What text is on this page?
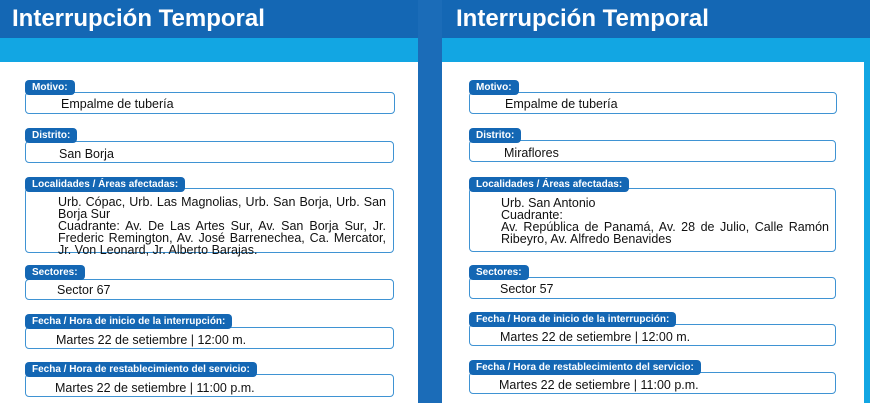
Interrupción Temporal
Motivo:
Empalme de tubería
Distrito:
San Borja
Localidades / Áreas afectadas:
Urb. Cópac, Urb. Las Magnolias, Urb. San Borja, Urb. San
Borja Sur
Cuadrante: Av. De Las Artes Sur, Av. San Borja Sur, Jr.
Frederic Remington, Av. José Barrenechea, Ca. Mercator,
Jr. Von Leonard, Jr. Alberto Barajas.
Sectores:
Sector 67
Fecha / Hora de inicio de la interrupción:
Martes 22 de setiembre | 12:00 m.
Fecha / Hora de restablecimiento del servicio:
Martes 22 de setiembre | 11:00 p.m.
Interrupción Temporal
Motivo:
Empalme de tubería
Distrito:
Miraflores
Localidades / Áreas afectadas:
Urb. San Antonio
Cuadrante:
Av. República de Panamá, Av. 28 de Julio, Calle Ramón
Ribeyro, Av. Alfredo Benavides
Sectores:
Sector 57
Fecha / Hora de inicio de la interrupción:
Martes 22 de setiembre | 12:00 m.
Fecha / Hora de restablecimiento del servicio:
Martes 22 de setiembre | 11:00 p.m.
